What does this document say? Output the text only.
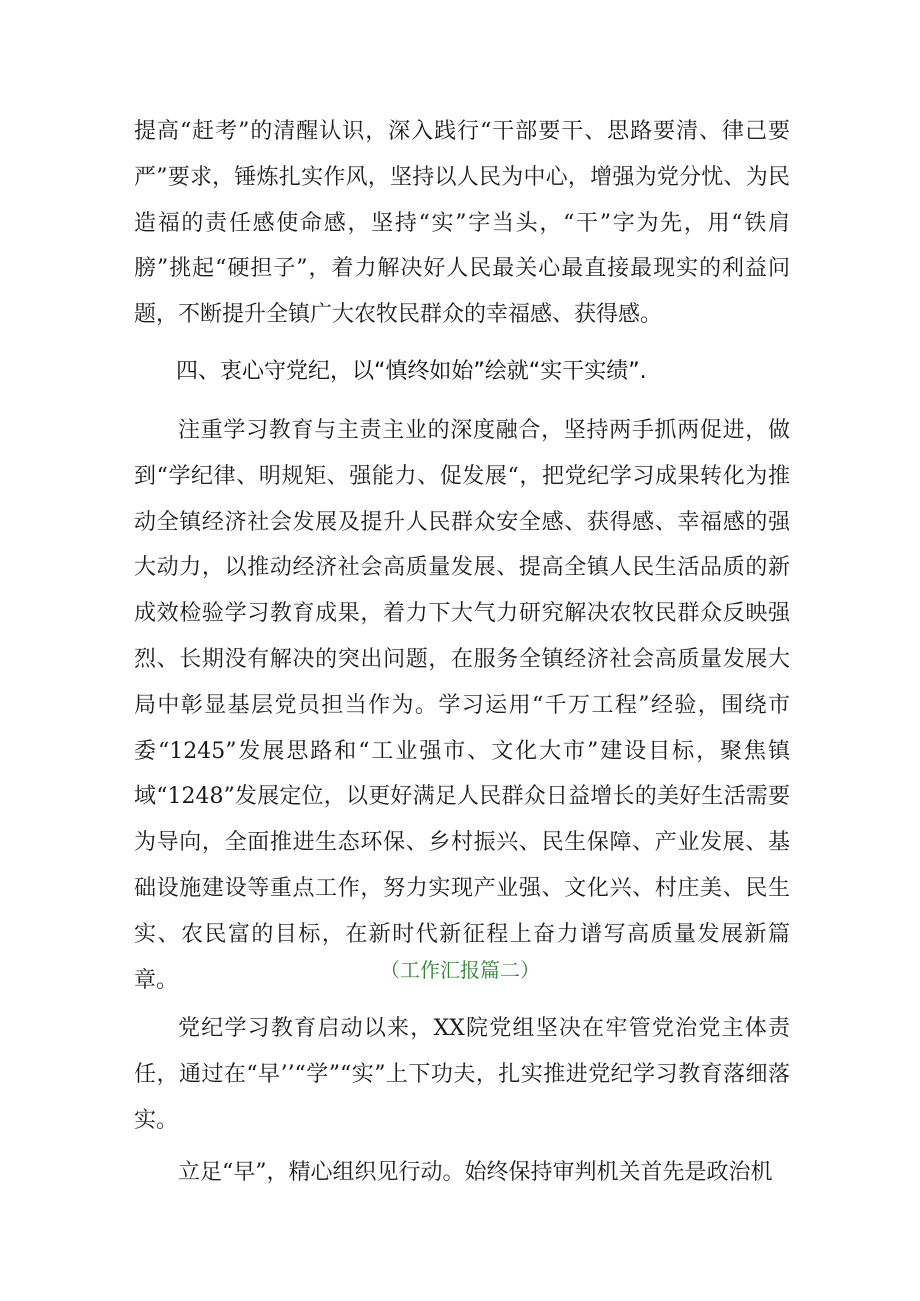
提高“赶考”的清醒认识，深入践行“干部要干、思路要清、律己要严”要求，锤炼扎实作风，坚持以人民为中心，增强为党分忧、为民造福的责任感使命感，坚持“实”字当头，“干”字为先，用“铁肩膀”挑起“硬担子”，着力解决好人民最关心最直接最现实的利益问题，不断提升全镇广大农牧民群众的幸福感、获得感。

四、衷心守党纪，以“慎终如始”绘就“实干实绩”.

注重学习教育与主责主业的深度融合，坚持两手抓两促进，做到“学纪律、明规矩、强能力、促发展“，把党纪学习成果转化为推动全镇经济社会发展及提升人民群众安全感、获得感、幸福感的强大动力，以推动经济社会高质量发展、提高全镇人民生活品质的新成效检验学习教育成果，着力下大气力研究解决农牧民群众反映强烈、长期没有解决的突出问题，在服务全镇经济社会高质量发展大局中彰显基层党员担当作为。学习运用“千万工程”经验，围绕市委“1245”发展思路和“工业强市、文化大市”建设目标，聚焦镇域“1248”发展定位，以更好满足人民群众日益增长的美好生活需要为导向，全面推进生态环保、乡村振兴、民生保障、产业发展、基础设施建设等重点工作，努力实现产业强、文化兴、村庄美、民生实、农民富的目标，在新时代新征程上奋力谱写高质量发展新篇章。	（工作汇报篇二）

党纪学习教育启动以来，XX院党组坚决在牢管党治党主体责任，通过在“早’’“学”“实”上下功夫，扎实推进党纪学习教育落细落实。

立足“早”，精心组织见行动。始终保持审判机关首先是政治机
